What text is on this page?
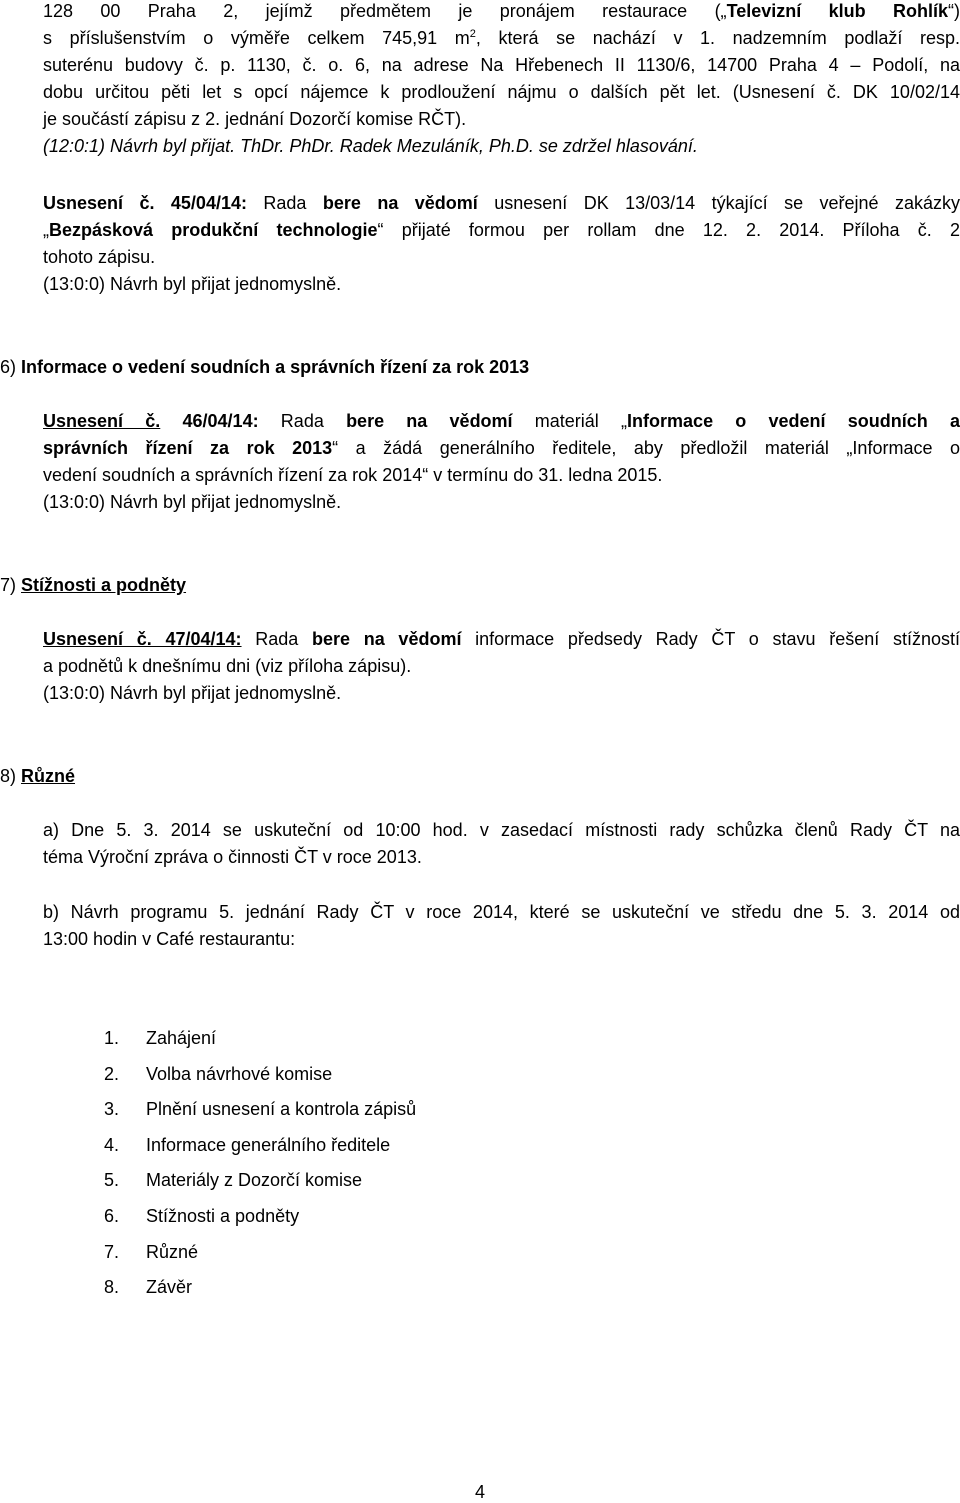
128 00 Praha 2, jejímž předmětem je pronájem restaurace („Televizní klub Rohlík“)
s příslušenstvím o výměře celkem 745,91 $m^2$, která se nachází v 1. nadzemním podlaží resp.
suterénu budovy č. p. 1130, č. o. 6, na adrese Na Hřebenech II 1130/6, 14700 Praha 4 – Podolí, na
dobu určitou pěti let s opcí nájemce k prodloužení nájmu o dalších pět let. (Usnesení č. DK 10/02/14
je součástí zápisu z 2. jednání Dozorčí komise RČT).
(12:0:1) Návrh byl přijat. ThDr. PhDr. Radek Mezuláník, Ph.D. se zdržel hlasování.
Usnesení č. 45/04/14: Rada bere na vědomí usnesení DK 13/03/14 týkající se veřejné zakázky
„Bezpásková produkční technologie“ přijaté formou per rollam dne 12. 2. 2014. Příloha č. 2
tohoto zápisu.
(13:0:0) Návrh byl přijat jednomyslně.
6) Informace o vedení soudních a správních řízení za rok 2013
Usnesení č. 46/04/14: Rada bere na vědomí materiál „Informace o vedení soudních a
správních řízení za rok 2013“ a žádá generálního ředitele, aby předložil materiál „Informace o
vedení soudních a správních řízení za rok 2014“ v termínu do 31. ledna 2015.
(13:0:0) Návrh byl přijat jednomyslně.
7) Stížnosti a podněty
Usnesení č. 47/04/14: Rada bere na vědomí informace předsedy Rady ČT o stavu řešení stížností
a podnětů k dnešnímu dni (viz příloha zápisu).
(13:0:0) Návrh byl přijat jednomyslně.
8) Různé
a) Dne 5. 3. 2014 se uskuteční od 10:00 hod. v zasedací místnosti rady schůzka členů Rady ČT na
téma Výroční zpráva o činnosti ČT v roce 2013.
b) Návrh programu 5. jednání Rady ČT v roce 2014, které se uskuteční ve středu dne 5. 3. 2014 od
13:00 hodin v Café restaurantu:
1. Zahájení
2. Volba návrhové komise
3. Plnění usnesení a kontrola zápisů
4. Informace generálního ředitele
5. Materiály z Dozorčí komise
6. Stížnosti a podněty
7. Různé
8. Závěr
4
